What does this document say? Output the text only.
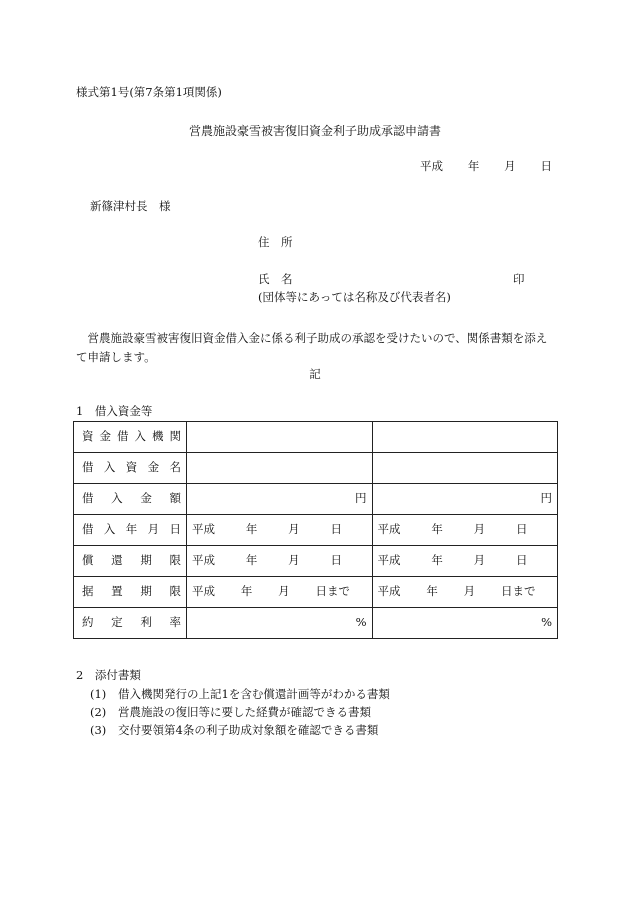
様式第1号(第7条第1項関係)
営農施設豪雪被害復旧資金利子助成承認申請書
平成 年 月 日
新篠津村長　様
住　所
氏　名	印
(団体等にあっては名称及び代表者名)
営農施設豪雪被害復旧資金借入金に係る利子助成の承認を受けたいので、関係書類を添えて申請します。
記
1　借入資金等
資金借入機関		
借入資金名		
借入金額	円	円

借入年月日	平成 年 月 日	平成 年 月 日

償還期限	平成 年 月 日	平成 年 月 日

据置期限	平成 年 月 日まで	平成 年 月 日まで

約定利率	%	%
2　添付書類
(1) 借入機関発行の上記1を含む償還計画等がわかる書類
(2) 営農施設の復旧等に要した経費が確認できる書類
(3) 交付要領第4条の利子助成対象額を確認できる書類
